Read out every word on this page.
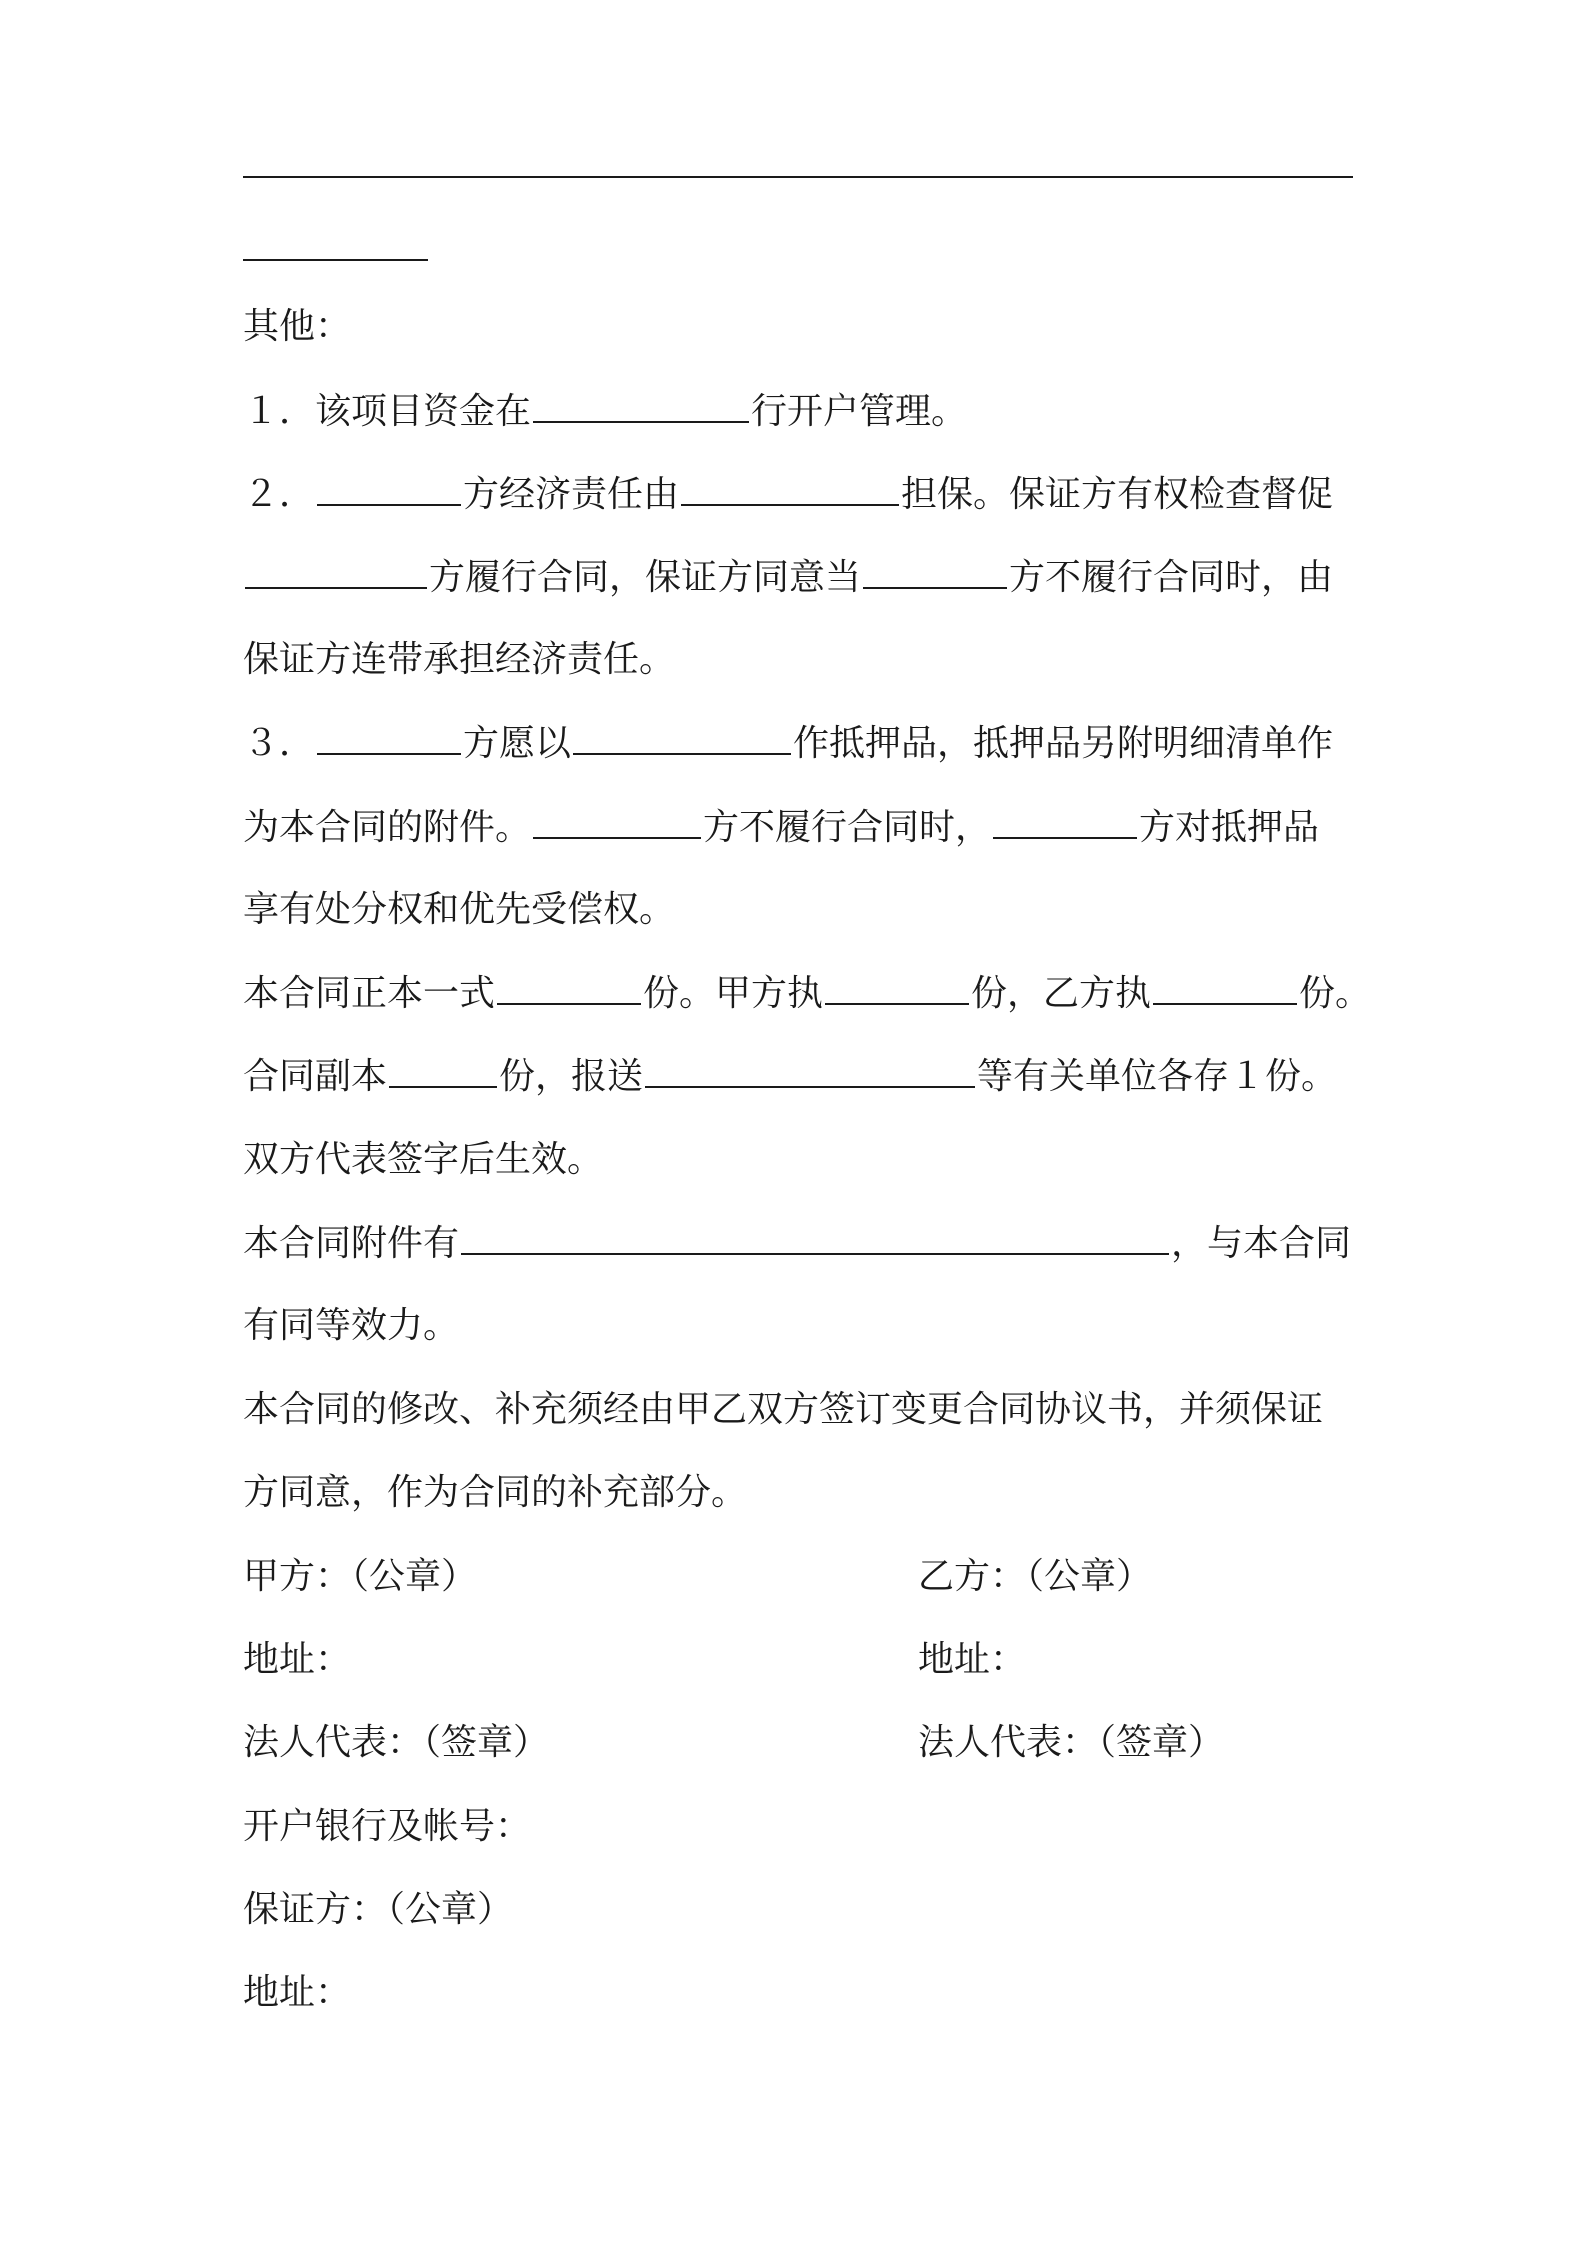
其他：
１．该项目资金在	行开户管理。
２．	方经济责任由	担保。保证方有权检查督促
方履行合同，保证方同意当	方不履行合同时，由
保证方连带承担经济责任。
３．	方愿以	作抵押品，抵押品另附明细清单作
为本合同的附件。	方不履行合同时，	方对抵押品
享有处分权和优先受偿权。
本合同正本一式	份。甲方执	份，乙方执	份。
合同副本	份，报送	等有关单位各存１份。
双方代表签字后生效。
本合同附件有	，与本合同
有同等效力。
本合同的修改、补充须经由甲乙双方签订变更合同协议书，并须保证
方同意，作为合同的补充部分。
甲方：（公章）	乙方：（公章）
地址：	地址：
法人代表：（签章）	法人代表：（签章）
开户银行及帐号：
保证方：（公章）
地址：
